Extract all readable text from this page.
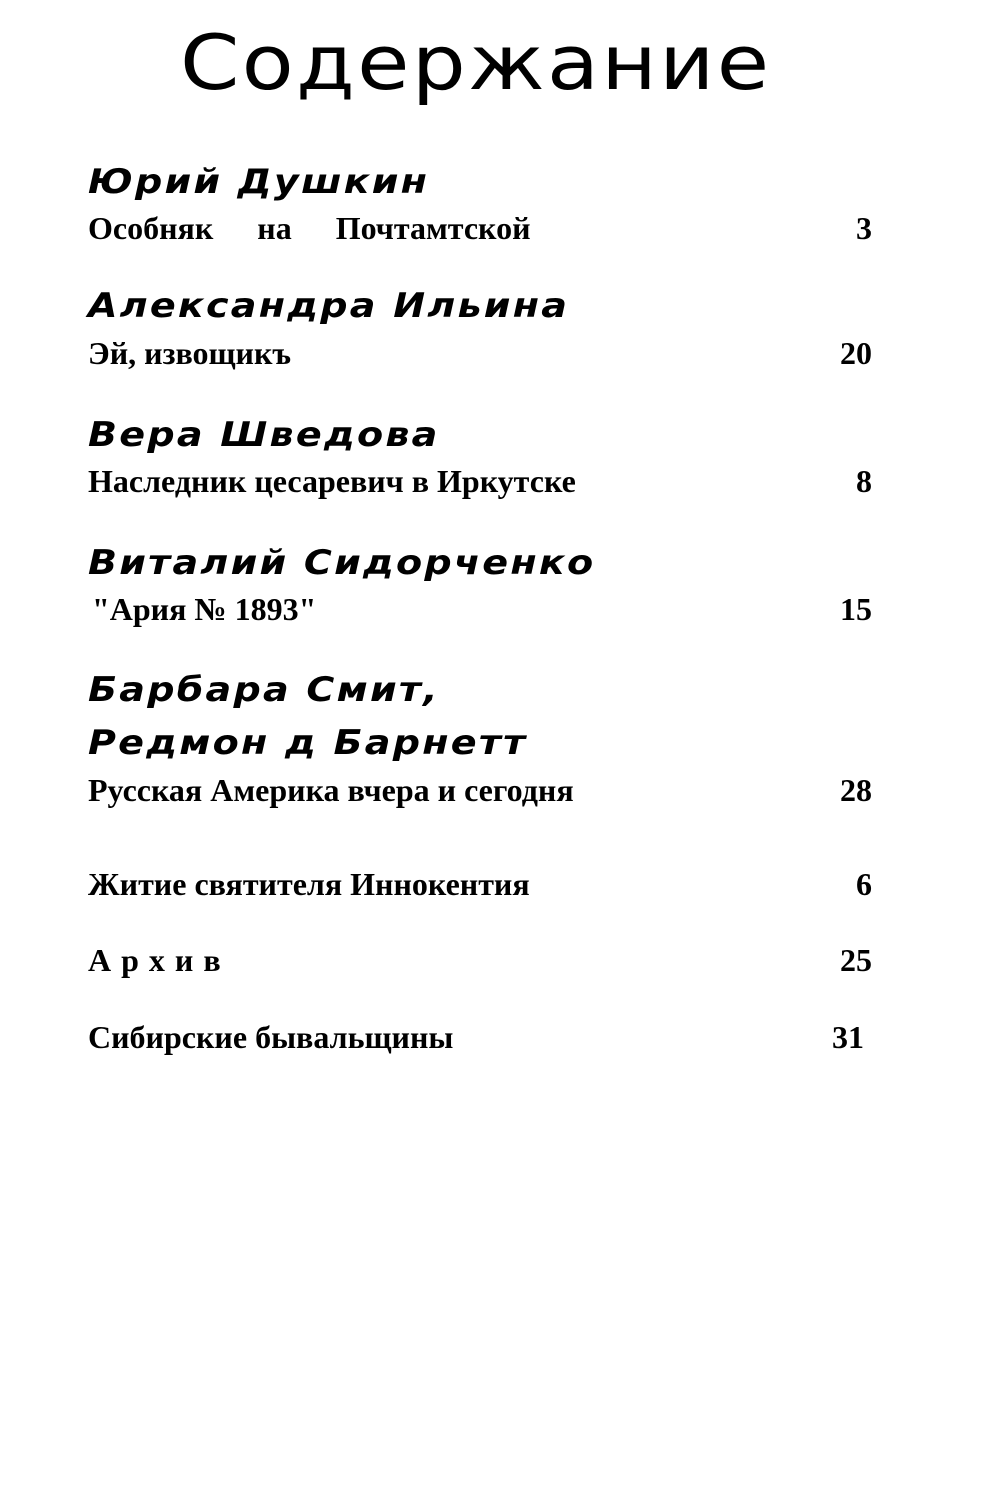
Содержание
Юрий Душкин
Особняк на Почтамтской	3
Александра Ильина
Эй, извощикъ	20
Вера Шведова
Наследник цесаревич в Иркутске	8
Виталий Сидорченко
"Ария № 1893"	15
Барбара Смит,
Редмон д Барнетт
Русская Америка вчера и сегодня	28
Житие святителя Иннокентия	6
Архив	25
Сибирские бывальщины	31
